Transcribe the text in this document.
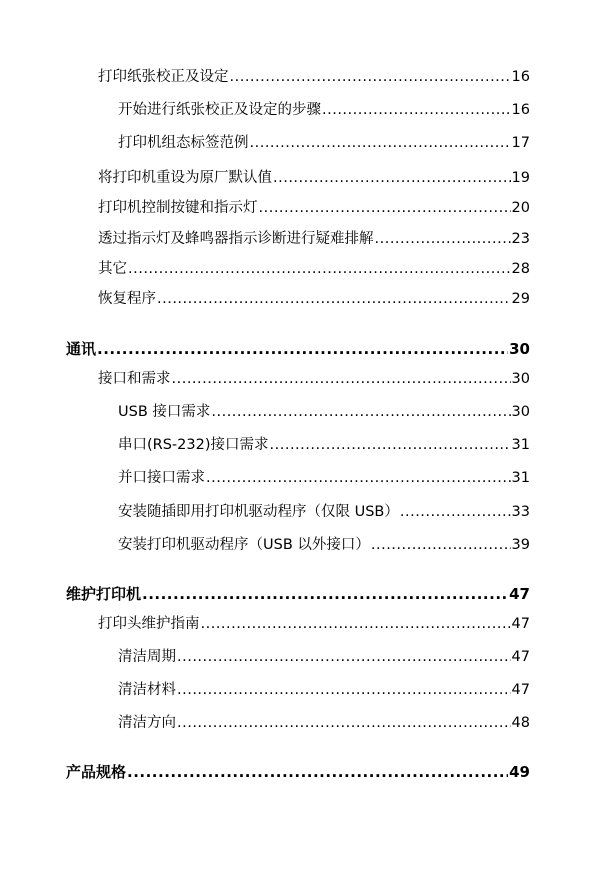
打印纸张校正及设定 .....	16
开始进行纸张校正及设定的步骤 .....	16
打印机组态标签范例 .....	17
将打印机重设为原厂默认值 .....	19
打印机控制按键和指示灯 .....	20
透过指示灯及蜂鸣器指示诊断进行疑难排解 .....	23
其它 .....	28
恢复程序 .....	29
通讯 .....	30
接口和需求 .....	30
USB 接口需求 .....	30
串口(RS-232)接口需求 .....	31
并口接口需求 .....	31
安装随插即用打印机驱动程序（仅限 USB） .....	33
安装打印机驱动程序（USB 以外接口） .....	39
维护打印机 .....	47
打印头维护指南 .....	47
清洁周期 .....	47
清洁材料 .....	47
清洁方向 .....	48
产品规格 .....	49
